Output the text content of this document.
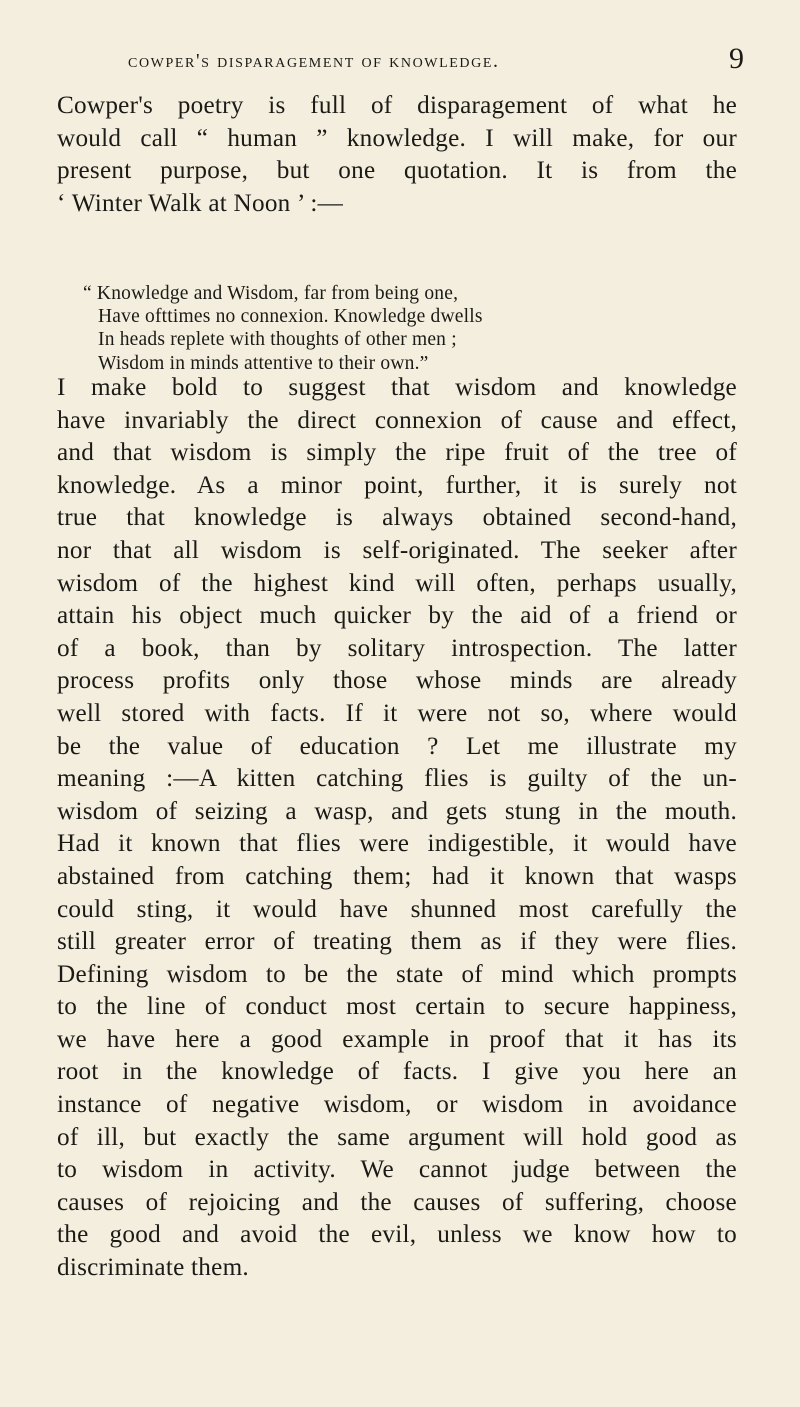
cowper's disparagement of knowledge.	9

Cowper's poetry is full of disparagement of what he
would call “ human ” knowledge. I will make, for our
present purpose, but one quotation. It is from the
‘ Winter Walk at Noon ’ :—

“ Knowledge and Wisdom, far from being one,
Have ofttimes no connexion. Knowledge dwells
In heads replete with thoughts of other men ;
Wisdom in minds attentive to their own.”

I make bold to suggest that wisdom and knowledge
have invariably the direct connexion of cause and effect,
and that wisdom is simply the ripe fruit of the tree of
knowledge. As a minor point, further, it is surely not
true that knowledge is always obtained second-hand,
nor that all wisdom is self-originated. The seeker after
wisdom of the highest kind will often, perhaps usually,
attain his object much quicker by the aid of a friend or
of a book, than by solitary introspection. The latter
process profits only those whose minds are already
well stored with facts. If it were not so, where would
be the value of education ? Let me illustrate my
meaning :—A kitten catching flies is guilty of the un-
wisdom of seizing a wasp, and gets stung in the mouth.
Had it known that flies were indigestible, it would have
abstained from catching them; had it known that wasps
could sting, it would have shunned most carefully the
still greater error of treating them as if they were flies.
Defining wisdom to be the state of mind which prompts
to the line of conduct most certain to secure happiness,
we have here a good example in proof that it has its
root in the knowledge of facts. I give you here an
instance of negative wisdom, or wisdom in avoidance
of ill, but exactly the same argument will hold good as
to wisdom in activity. We cannot judge between the
causes of rejoicing and the causes of suffering, choose
the good and avoid the evil, unless we know how to
discriminate them.
